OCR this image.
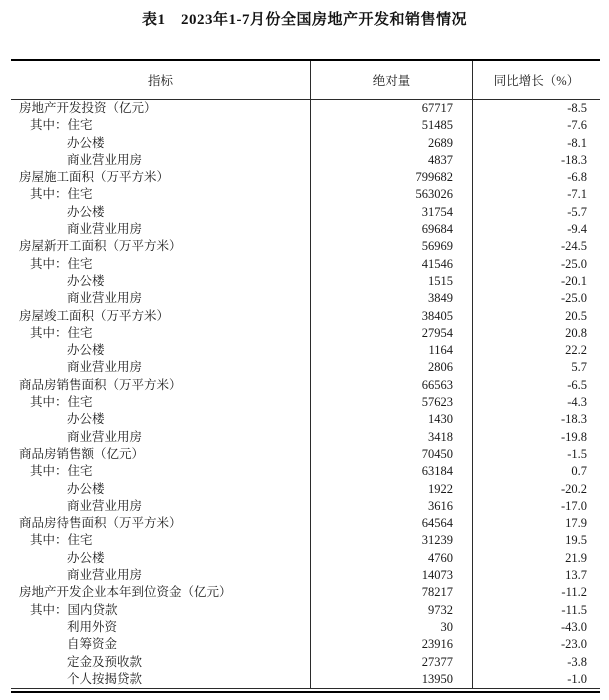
表1　2023年1-7月份全国房地产开发和销售情况
指标	绝对量	同比增长（%）
房地产开发投资（亿元）	67717	-8.5
其中：住宅	51485	-7.6
办公楼	2689	-8.1
商业营业用房	4837	-18.3
房屋施工面积（万平方米）	799682	-6.8
其中：住宅	563026	-7.1
办公楼	31754	-5.7
商业营业用房	69684	-9.4
房屋新开工面积（万平方米）	56969	-24.5
其中：住宅	41546	-25.0
办公楼	1515	-20.1
商业营业用房	3849	-25.0
房屋竣工面积（万平方米）	38405	20.5
其中：住宅	27954	20.8
办公楼	1164	22.2
商业营业用房	2806	5.7
商品房销售面积（万平方米）	66563	-6.5
其中：住宅	57623	-4.3
办公楼	1430	-18.3
商业营业用房	3418	-19.8
商品房销售额（亿元）	70450	-1.5
其中：住宅	63184	0.7
办公楼	1922	-20.2
商业营业用房	3616	-17.0
商品房待售面积（万平方米）	64564	17.9
其中：住宅	31239	19.5
办公楼	4760	21.9
商业营业用房	14073	13.7
房地产开发企业本年到位资金（亿元）	78217	-11.2
其中：国内贷款	9732	-11.5
利用外资	30	-43.0
自筹资金	23916	-23.0
定金及预收款	27377	-3.8
个人按揭贷款	13950	-1.0
